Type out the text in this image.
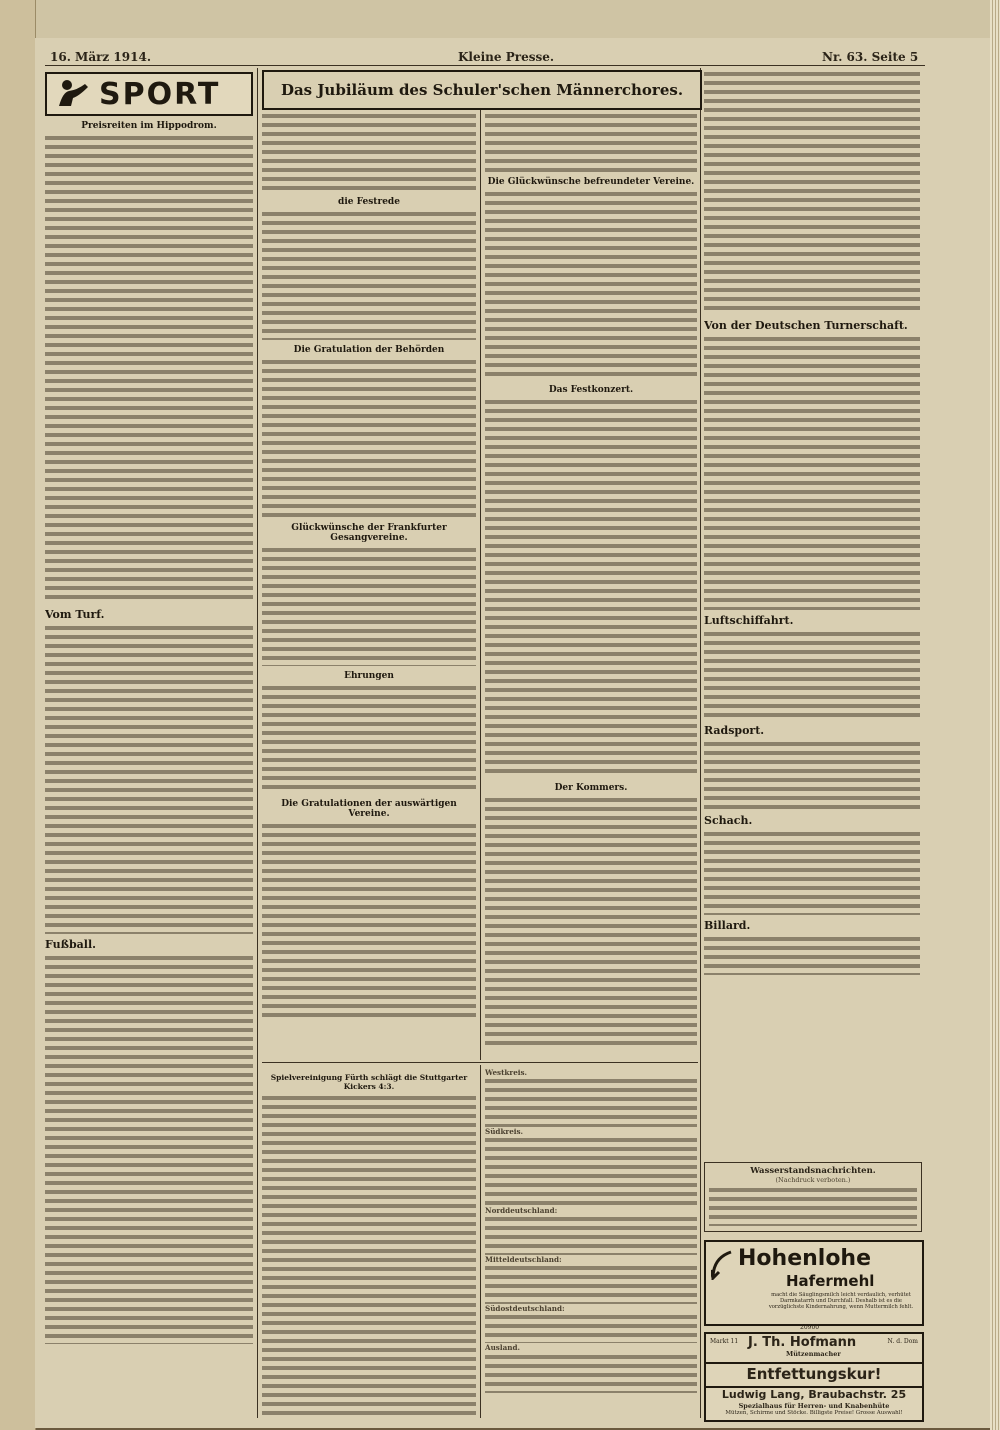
16. März 1914.	Kleine Presse.	Nr. 63. Seite 5
SPORT
Preisreiten im Hippodrom.
Vom Turf.
Fußball.
Das Jubiläum des Schuler'schen Männerchores.
die Festrede
Die Gratulation der Behörden
Glückwünsche der Frankfurter Gesangvereine.
Ehrungen
Die Gratulationen der auswärtigen Vereine.
Die Glückwünsche befreundeter Vereine.
Das Festkonzert.
Der Kommers.
Spielvereinigung Fürth schlägt die Stuttgarter Kickers 4:3.
Westkreis.
Südkreis.
Norddeutschland:
Mitteldeutschland:
Südostdeutschland:
Ausland.
Von der Deutschen Turnerschaft.
Luftschiffahrt.
Radsport.
Schach.
Billard.
Wasserstandsnachrichten.
(Nachdruck verboten.)
Hohenlohe
Hafermehl
macht die Säuglingsmilch leicht verdaulich, verhütet Darmkatarrh und Durchfall. Deshalb ist es die vorzüglichste Kindernahrung, wenn Muttermilch fehlt.
20900
Markt 11 J. Th. Hofmann	N. d. Dom
Mützenmacher
Entfettungskur!
Ludwig Lang, Braubachstr. 25
Spezialhaus für Herren- und Knabenhüte
Mützen, Schirme und Stöcke. Billigste Preise! Grosse Auswahl!
